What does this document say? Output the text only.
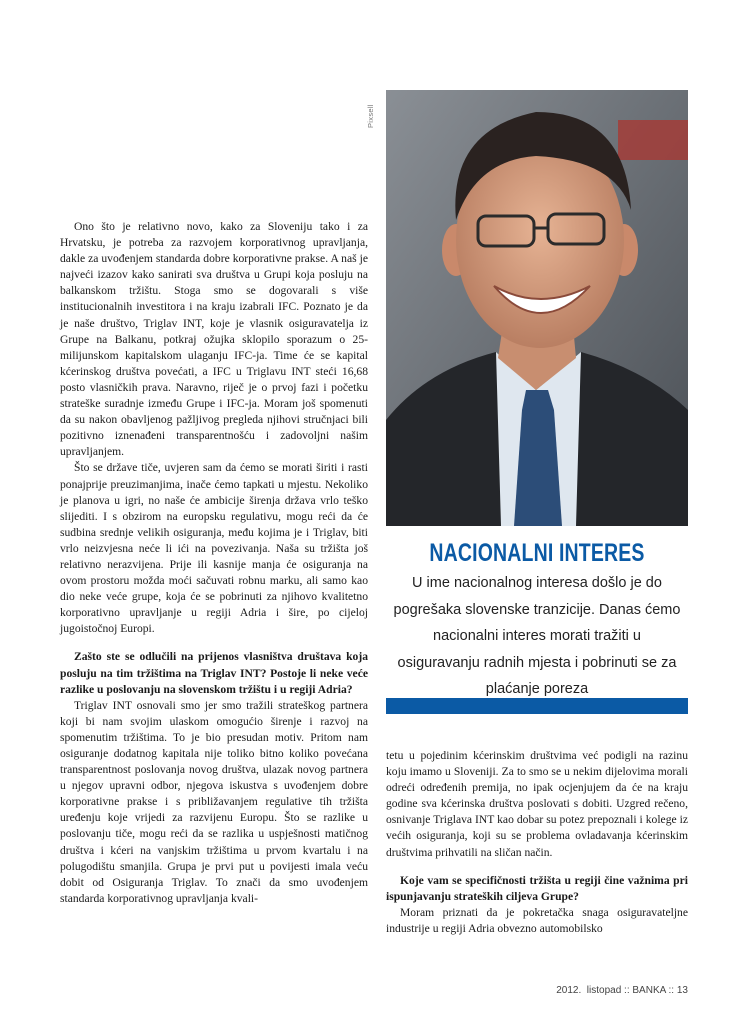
Pixsell

Ono što je relativno novo, kako za Sloveniju tako i za Hrvatsku, je potreba za razvojem korporativnog upravljanja, dakle za uvođenjem standarda dobre korporativne prakse. A naš je najveći izazov kako sanirati sva društva u Grupi koja posluju na balkanskom tržištu. Stoga smo se dogovarali s više institucionalnih investitora i na kraju izabrali IFC. Poznato je da je naše društvo, Triglav INT, koje je vlasnik osiguravatelja iz Grupe na Balkanu, potkraj ožujka sklopilo sporazum o 25-milijunskom kapitalskom ulaganju IFC-ja. Time će se kapital kćerinskog društva povećati, a IFC u Triglavu INT steći 16,68 posto vlasničkih prava. Naravno, riječ je o prvoj fazi i početku strateške suradnje između Grupe i IFC-ja. Moram još spomenuti da su nakon obavljenog pažljivog pregleda njihovi stručnjaci bili pozitivno iznenađeni transparentnošću i zadovoljni našim upravljanjem.

Što se države tiče, uvjeren sam da ćemo se morati širiti i rasti ponajprije preuzimanjima, inače ćemo tapkati u mjestu. Nekoliko je planova u igri, no naše će ambicije širenja država vrlo teško slijediti. I s obzirom na europsku regulativu, mogu reći da će sudbina srednje velikih osiguranja, među kojima je i Triglav, biti vrlo neizvjesna neće li ići na povezivanja. Naša su tržišta još relativno nerazvijena. Prije ili kasnije manja će osiguranja na ovom prostoru možda moći sačuvati robnu marku, ali samo kao dio neke veće grupe, koja će se pobrinuti za njihovo kvalitetno korporativno upravljanje u regiji Adria i šire, po cijeloj jugoistočnoj Europi.

Zašto ste se odlučili na prijenos vlasništva društava koja posluju na tim tržištima na Triglav INT? Postoje li neke veće razlike u poslovanju na slovenskom tržištu i u regiji Adria?

Triglav INT osnovali smo jer smo tražili strateškog partnera koji bi nam svojim ulaskom omogućio širenje i razvoj na spomenutim tržištima. To je bio presudan motiv. Pritom nam osiguranje dodatnog kapitala nije toliko bitno koliko povećana transparentnost poslovanja novog društva, ulazak novog partnera u njegov upravni odbor, njegova iskustva s uvođenjem dobre korporativne prakse i s približavanjem regulative tih tržišta uređenju koje vrijedi za razvijenu Europu. Što se razlike u poslovanju tiče, mogu reći da se razlika u uspješnosti matičnog društva i kćeri na vanjskim tržištima u prvom kvartalu i na polugodištu smanjila. Grupa je prvi put u povijesti imala veću dobit od Osiguranja Triglav. To znači da smo uvođenjem standarda korporativnog upravljanja kvali-

NACIONALNI INTERES
U ime nacionalnog interesa došlo je do pogrešaka slovenske tranzicije. Danas ćemo nacionalni interes morati tražiti u osiguravanju radnih mjesta i pobrinuti se za plaćanje poreza

tetu u pojedinim kćerinskim društvima već podigli na razinu koju imamo u Sloveniji. Za to smo se u nekim dijelovima morali odreći određenih premija, no ipak ocjenjujem da će na kraju godine sva kćerinska društva poslovati s dobiti. Uzgred rečeno, osnivanje Triglava INT kao dobar su potez prepoznali i kolege iz većih osiguranja, koji su se problema ovladavanja kćerinskim društvima prihvatili na sličan način.

Koje vam se specifičnosti tržišta u regiji čine važnima pri ispunjavanju strateških ciljeva Grupe?

Moram priznati da je pokretačka snaga osiguravateljne industrije u regiji Adria obvezno automobilsko

2012. listopad :: BANKA :: 13
